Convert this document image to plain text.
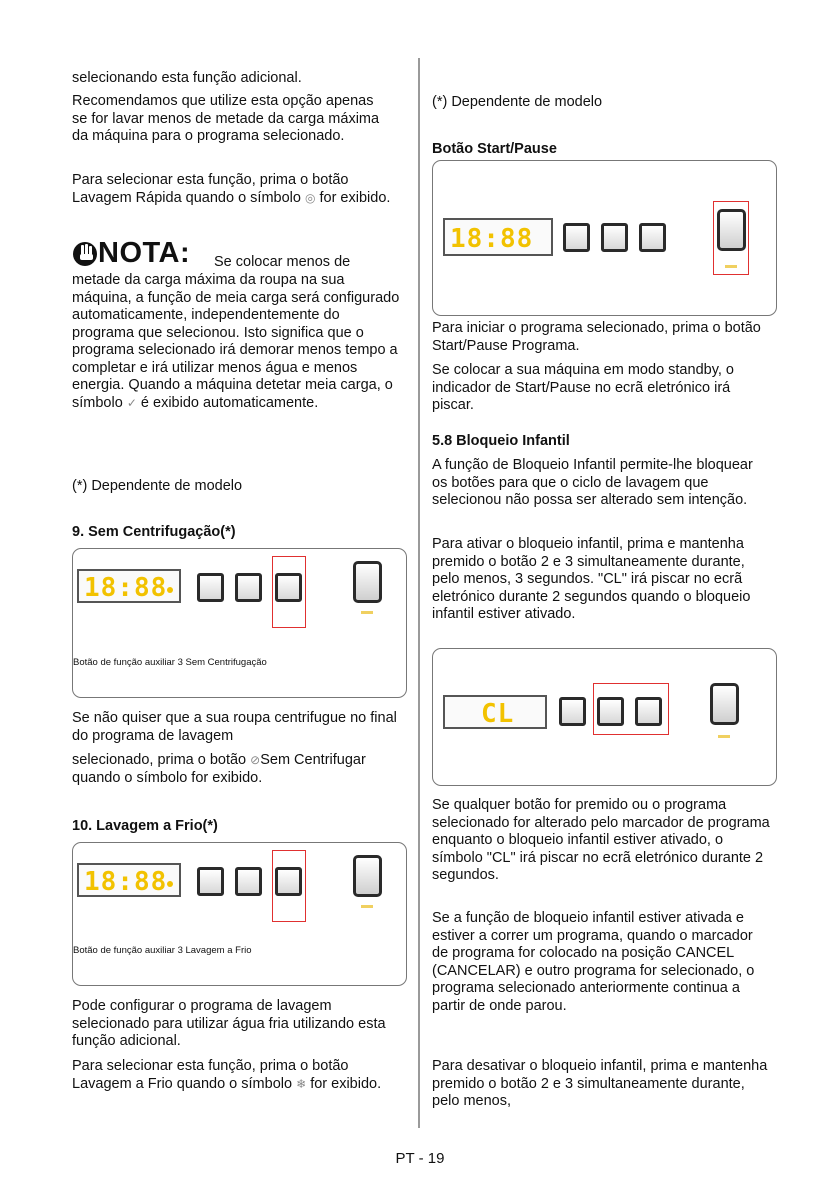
selecionando esta função adicional.

Recomendamos que utilize esta opção apenas se for lavar menos de metade da carga máxima da máquina para o programa selecionado.

Para selecionar esta função, prima o botão Lavagem Rápida quando o símbolo ◎ for exibido.

NOTA: Se colocar menos de

metade da carga máxima da roupa na sua máquina, a função de meia carga será configurado automaticamente, independentemente do programa que selecionou. Isto significa que o programa selecionado irá demorar menos tempo a completar e irá utilizar menos água e menos energia. Quando a máquina detetar meia carga, o símbolo ✓ é exibido automaticamente.

(*) Dependente de modelo

9. Sem Centrifugação(*)
18:88
Botão de função auxiliar 3 Sem Centrifugação

Se não quiser que a sua roupa centrifugue no final do programa de lavagem

selecionado, prima o botão ⊘Sem Centrifugar quando o símbolo for exibido.

10. Lavagem a Frio(*)
18:88
Botão de função auxiliar 3 Lavagem a Frio

Pode configurar o programa de lavagem selecionado para utilizar água fria utilizando esta função adicional.

Para selecionar esta função, prima o botão Lavagem a Frio quando o símbolo ❄ for exibido.

(*) Dependente de modelo

Botão Start/Pause
18:88

Para iniciar o programa selecionado, prima o botão Start/Pause Programa.

Se colocar a sua máquina em modo standby, o indicador de Start/Pause no ecrã eletrónico irá piscar.

5.8 Bloqueio Infantil

A função de Bloqueio Infantil permite-lhe bloquear os botões para que o ciclo de lavagem que selecionou não possa ser alterado sem intenção.

Para ativar o bloqueio infantil, prima e mantenha premido o botão 2 e 3 simultaneamente durante, pelo menos, 3 segundos. "CL" irá piscar no ecrã eletrónico durante 2 segundos quando o bloqueio infantil estiver ativado.

CL

Se qualquer botão for premido ou o programa selecionado for alterado pelo marcador de programa enquanto o bloqueio infantil estiver ativado, o símbolo "CL" irá piscar no ecrã eletrónico durante 2 segundos.

Se a função de bloqueio infantil estiver ativada e estiver a correr um programa, quando o marcador de programa for colocado na posição CANCEL (CANCELAR) e outro programa for selecionado, o programa selecionado anteriormente continua a partir de onde parou.

Para desativar o bloqueio infantil, prima e mantenha premido o botão 2 e 3 simultaneamente durante, pelo menos,

PT - 19
